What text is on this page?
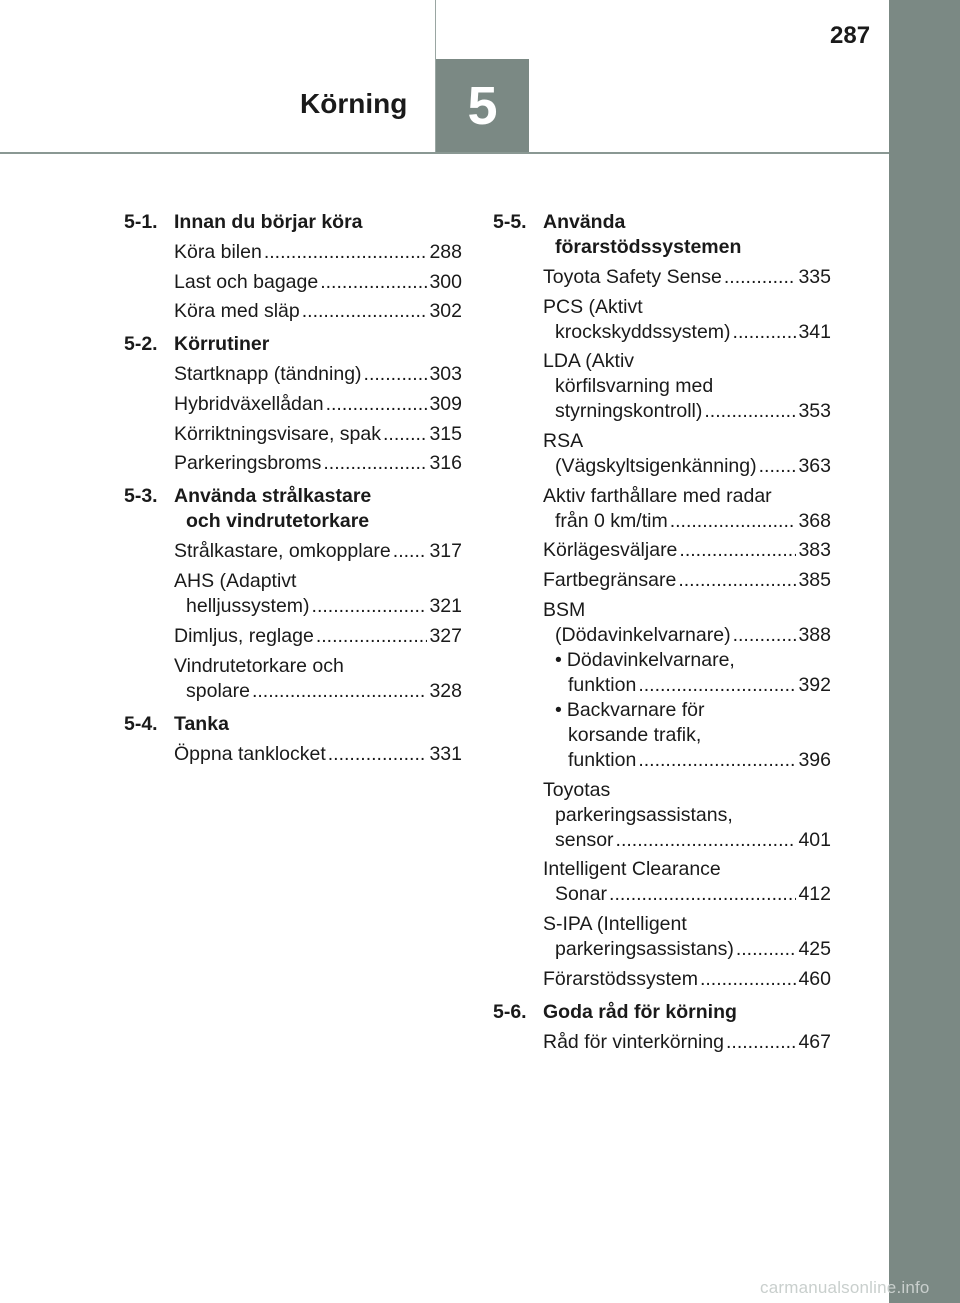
5
Körning
287
5-1. Innan du börjar köra
Köra bilen .....	288
Last och bagage .....	300
Köra med släp .....	302
5-2. Körrutiner
Startknapp (tändning) .....	303
Hybridväxellådan .....	309
Körriktningsvisare, spak ..... 315
Parkeringsbroms .....	316
5-3. Använda strålkastare

och vindrutetorkare
Strålkastare, omkopplare ..... 317
AHS (Adaptivt
helljussystem) .....	321
Dimljus, reglage .....	327
Vindrutetorkare och
spolare .....	328
5-4. Tanka
Öppna tanklocket .....	331
5-5. Använda

förarstödssystemen
Toyota Safety Sense .....	335
PCS (Aktivt
krockskyddssystem) .....	341
LDA (Aktiv
körfilsvarning med
styrningskontroll) .....	353
RSA
(Vägskyltsigenkänning) ..... 363
Aktiv farthållare med radar
från 0 km/tim .....	368
Körlägesväljare .....	383
Fartbegränsare .....	385
BSM
(Dödavinkelvarnare) .....	388
• Dödavinkelvarnare,
funktion .....	392
• Backvarnare för
korsande trafik,
funktion .....	396
Toyotas
parkeringsassistans,
sensor .....	401
Intelligent Clearance
Sonar .....	412
S-IPA (Intelligent
parkeringsassistans) .....	425
Förarstödssystem .....	460
5-6. Goda råd för körning
Råd för vinterkörning .....	467
carmanualsonline.info
